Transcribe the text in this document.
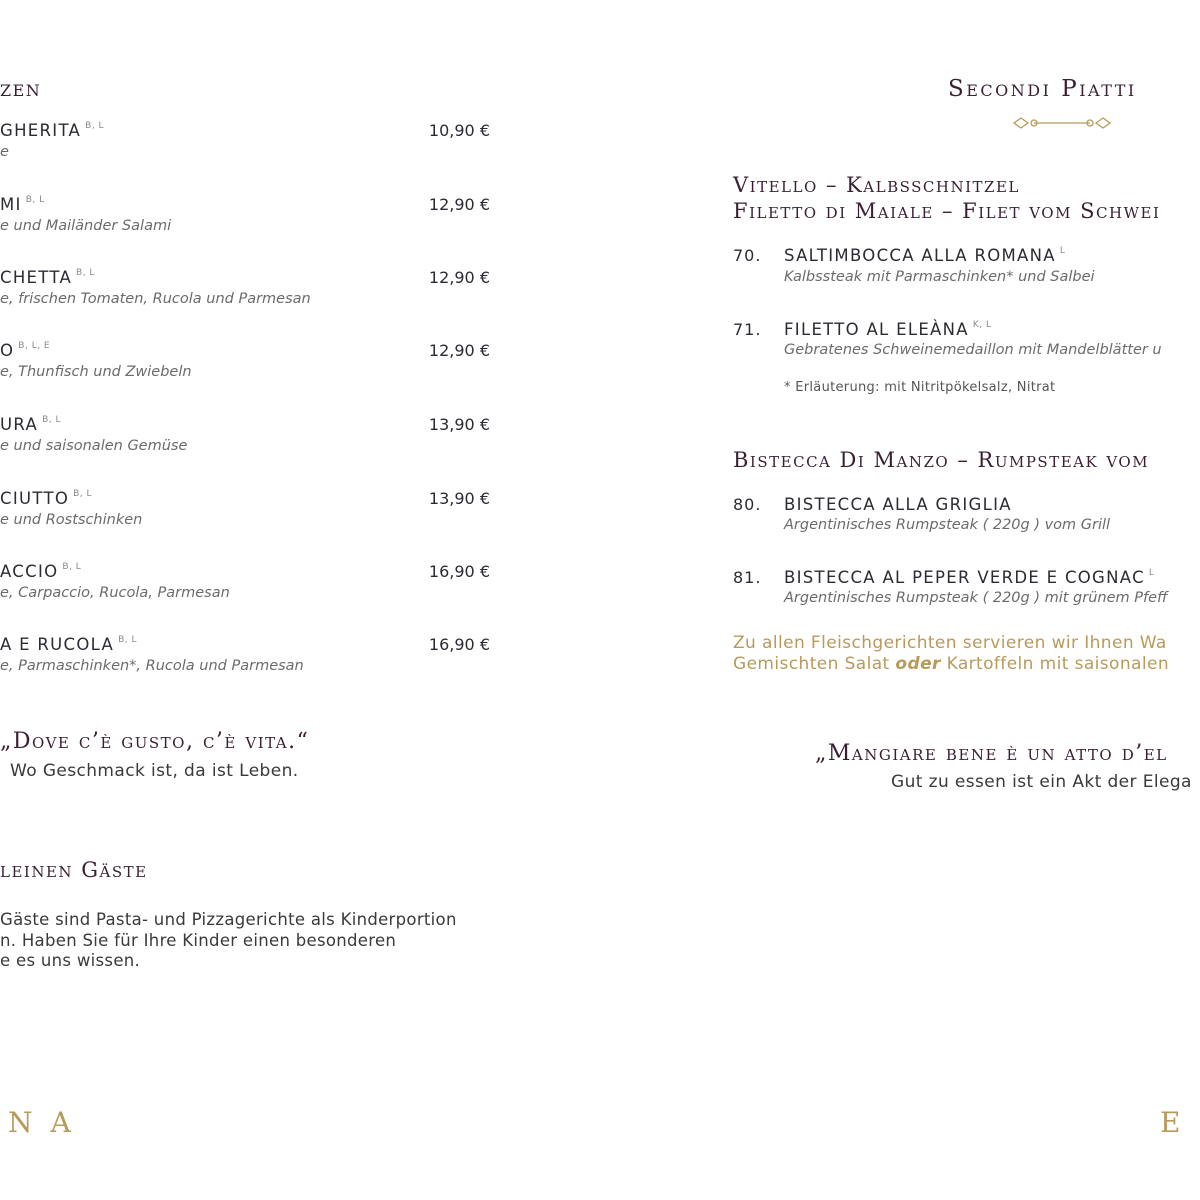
zen
GHERITA $^{B, L}$	10,90 €
e
MI $^{B, L}$	12,90 €
e und Mailänder Salami
CHETTA $^{B, L}$	12,90 €
e, frischen Tomaten, Rucola und Parmesan
O $^{B, L, E}$	12,90 €
e, Thunfisch und Zwiebeln
URA $^{B, L}$	13,90 €
e und saisonalen Gemüse
CIUTTO $^{B, L}$	13,90 €
e und Rostschinken
ACCIO $^{B, L}$	16,90 €
e, Carpaccio, Rucola, Parmesan
A E RUCOLA $^{B, L}$	16,90 €
e, Parmaschinken*, Rucola und Parmesan
„Dove c’è gusto, c’è vita.“
Wo Geschmack ist, da ist Leben.
leinen Gäste
Gäste sind Pasta- und Pizzagerichte als Kinderportion
n. Haben Sie für Ihre Kinder einen besonderen
e es uns wissen.
NA
Secondi Piatti
Vitello – Kalbsschnitzel
Filetto di Maiale – Filet vom Schwei
70. SALTIMBOCCA ALLA ROMANA $^L$
Kalbssteak mit Parmaschinken* und Salbei
71. FILETTO AL ELEÀNA $^{K, L}$
Gebratenes Schweinemedaillon mit Mandelblätter u
* Erläuterung: mit Nitritpökelsalz, Nitrat
Bistecca Di Manzo – Rumpsteak vom
80. BISTECCA ALLA GRIGLIA
Argentinisches Rumpsteak ( 220g ) vom Grill
81. BISTECCA AL PEPER VERDE E COGNAC $^L$
Argentinisches Rumpsteak ( 220g ) mit grünem Pfeff
Zu allen Fleischgerichten servieren wir Ihnen Wa
Gemischten Salat oder Kartoffeln mit saisonalen
„Mangiare bene è un atto d’el
Gut zu essen ist ein Akt der Elega
E
